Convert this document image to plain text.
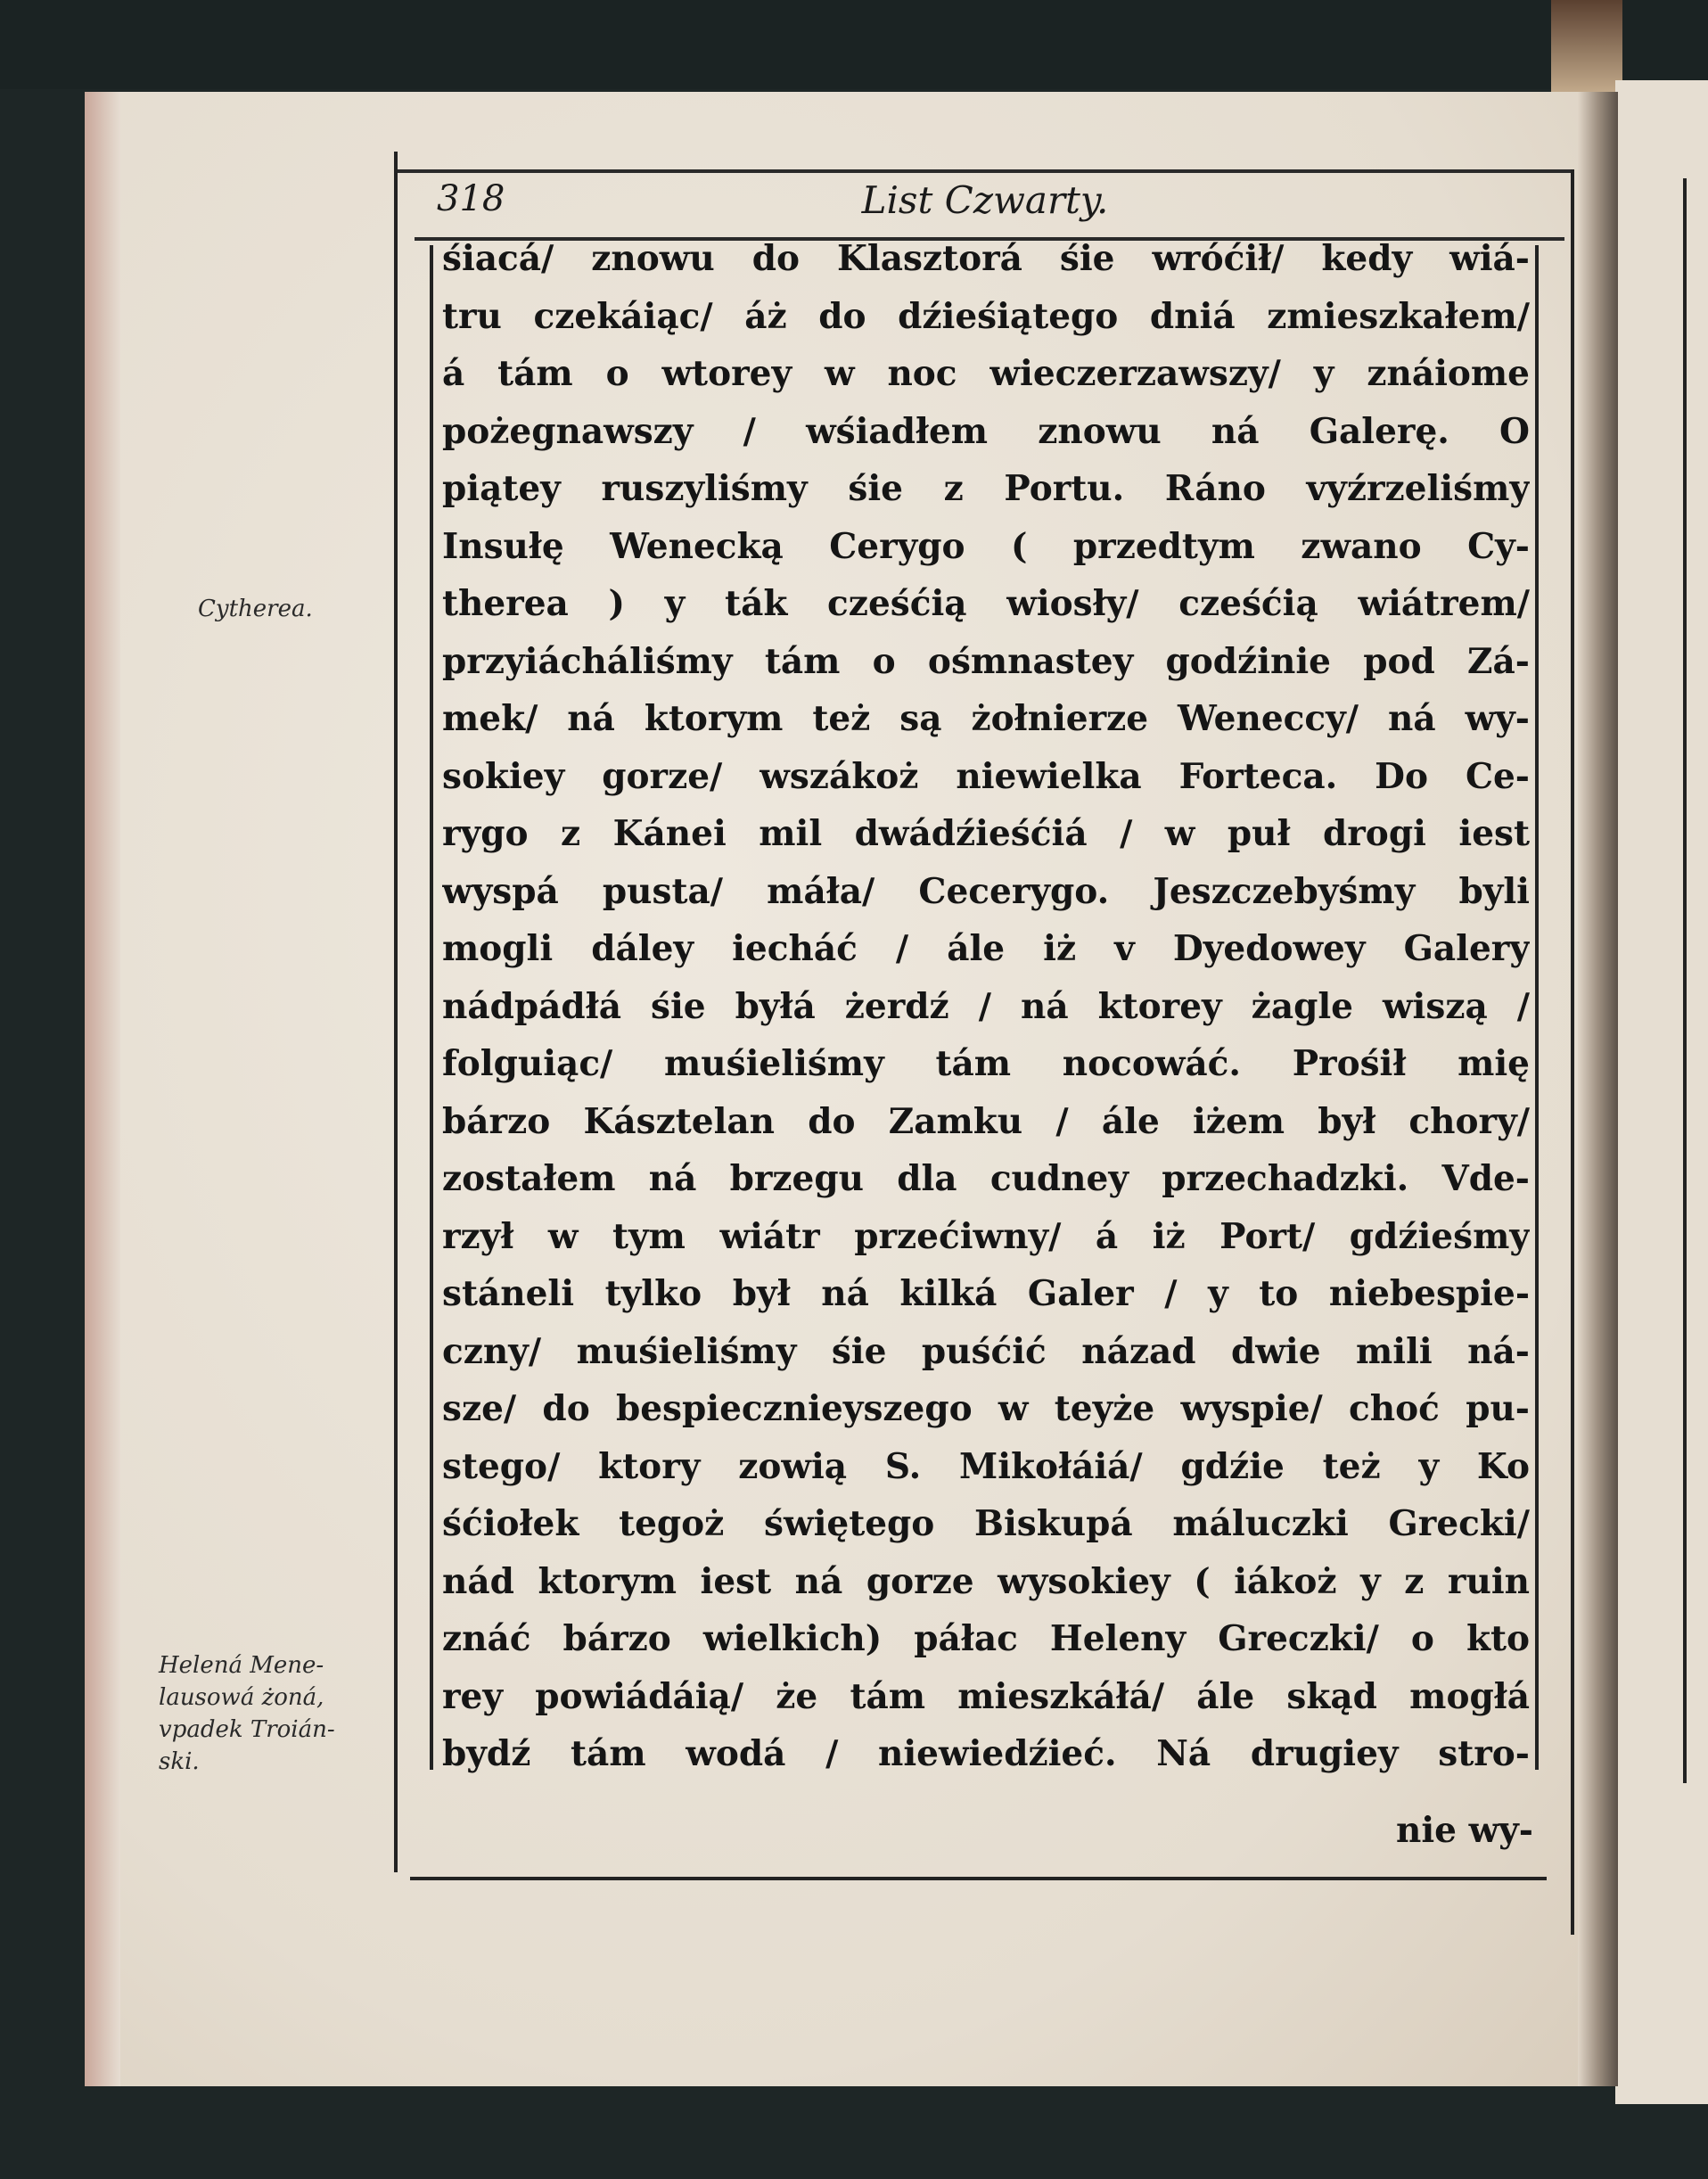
318	List Czwarty.
Cytherea.
Helená Mene-
lausowá żoná,
vpadek Troián-
ski.
śiacá/ znowu do Klasztorá śie wróćił/ kedy wiá-
tru czekáiąc/ áż do dźieśiątego dniá zmieszkałem/
á tám o wtorey w noc wieczerzawszy/ y znáiome
pożegnawszy / wśiadłem znowu ná Galerę. O
piątey ruszyliśmy śie z Portu. Ráno vyźrzeliśmy
Insułę Wenecką Cerygo ( przedtym zwano Cy-
therea ) y ták cześćią wiosły/ cześćią wiátrem/
przyiácháliśmy tám o ośmnastey godźinie pod Zá-
mek/ ná ktorym też są żołnierze Weneccy/ ná wy-
sokiey gorze/ wszákoż niewielka Forteca. Do Ce-
rygo z Kánei mil dwádźieśćiá / w puł drogi iest
wyspá pusta/ máła/ Cecerygo. Jeszczebyśmy byli
mogli dáley iecháć / ále iż v Dyedowey Galery
nádpádłá śie byłá żerdź / ná ktorey żagle wiszą /
folguiąc/ muśieliśmy tám nocowáć. Prośił mię
bárzo Kásztelan do Zamku / ále iżem był chory/
zostałem ná brzegu dla cudney przechadzki. Vde-
rzył w tym wiátr przećiwny/ á iż Port/ gdźieśmy
stáneli tylko był ná kilká Galer / y to niebespie-
czny/ muśieliśmy śie puśćić názad dwie mili ná-
sze/ do bespiecznieyszego w teyże wyspie/ choć pu-
stego/ ktory zowią S. Mikołáiá/ gdźie też y Ko
śćiołek tegoż świętego Biskupá máluczki Grecki/
nád ktorym iest ná gorze wysokiey ( iákoż y z ruin
znáć bárzo wielkich) páłac Heleny Greczki/ o kto
rey powiádáią/ że tám mieszkáłá/ ále skąd mogłá
bydź tám wodá / niewiedźieć. Ná drugiey stro-
nie wy-
